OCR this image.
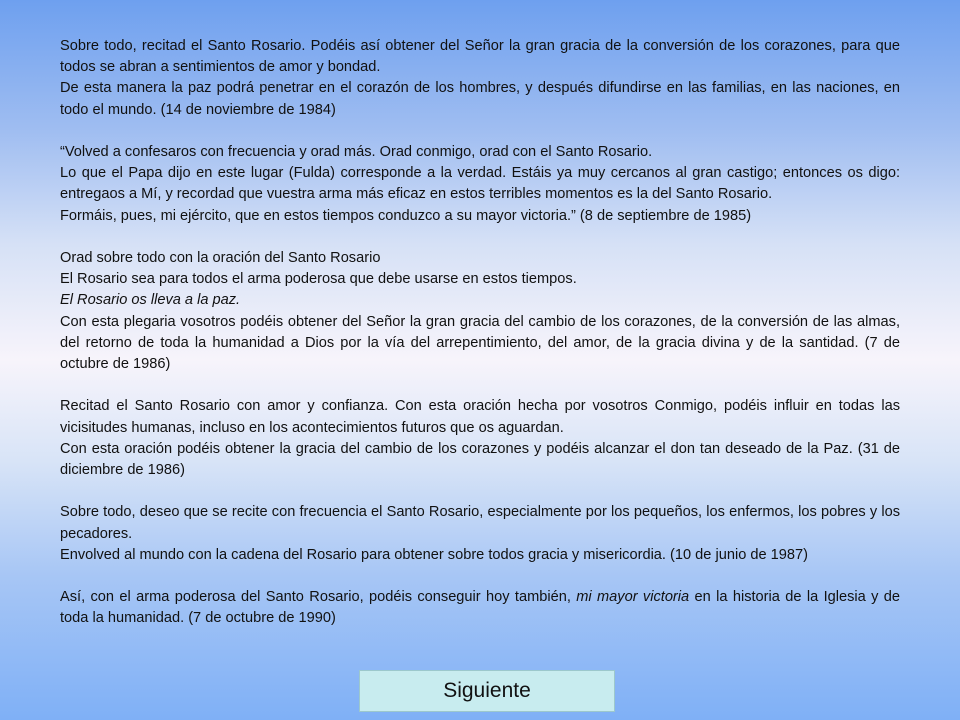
Sobre todo, recitad el Santo Rosario. Podéis así obtener del Señor la gran gracia de la conversión de los corazones, para que todos se abran a sentimientos de amor y bondad.

De esta manera la paz podrá penetrar en el corazón de los hombres, y después difundirse en las familias, en las naciones, en todo el mundo. (14 de noviembre de 1984)

“Volved a confesaros con frecuencia y orad más. Orad conmigo, orad con el Santo Rosario.

Lo que el Papa dijo en este lugar (Fulda) corresponde a la verdad. Estáis ya muy cercanos al gran castigo; entonces os digo: entregaos a Mí, y recordad que vuestra arma más eficaz en estos terribles momentos es la del Santo Rosario.

Formáis, pues, mi ejército, que en estos tiempos conduzco a su mayor victoria.” (8 de septiembre de 1985)

Orad sobre todo con la oración del Santo Rosario

El Rosario sea para todos el arma poderosa que debe usarse en estos tiempos.

El Rosario os lleva a la paz.

Con esta plegaria vosotros podéis obtener del Señor la gran gracia del cambio de los corazones, de la conversión de las almas, del retorno de toda la humanidad a Dios por la vía del arrepentimiento, del amor, de la gracia divina y de la santidad. (7 de octubre de 1986)

Recitad el Santo Rosario con amor y confianza. Con esta oración hecha por vosotros Conmigo, podéis influir en todas las vicisitudes humanas, incluso en los acontecimientos futuros que os aguardan.

Con esta oración podéis obtener la gracia del cambio de los corazones y podéis alcanzar el don tan deseado de la Paz. (31 de diciembre de 1986)

Sobre todo, deseo que se recite con frecuencia el Santo Rosario, especialmente por los pequeños, los enfermos, los pobres y los pecadores.

Envolved al mundo con la cadena del Rosario para obtener sobre todos gracia y misericordia. (10 de junio de 1987)

Así, con el arma poderosa del Santo Rosario, podéis conseguir hoy también, mi mayor victoria en la historia de la Iglesia y de toda la humanidad. (7 de octubre de 1990)

Siguiente
